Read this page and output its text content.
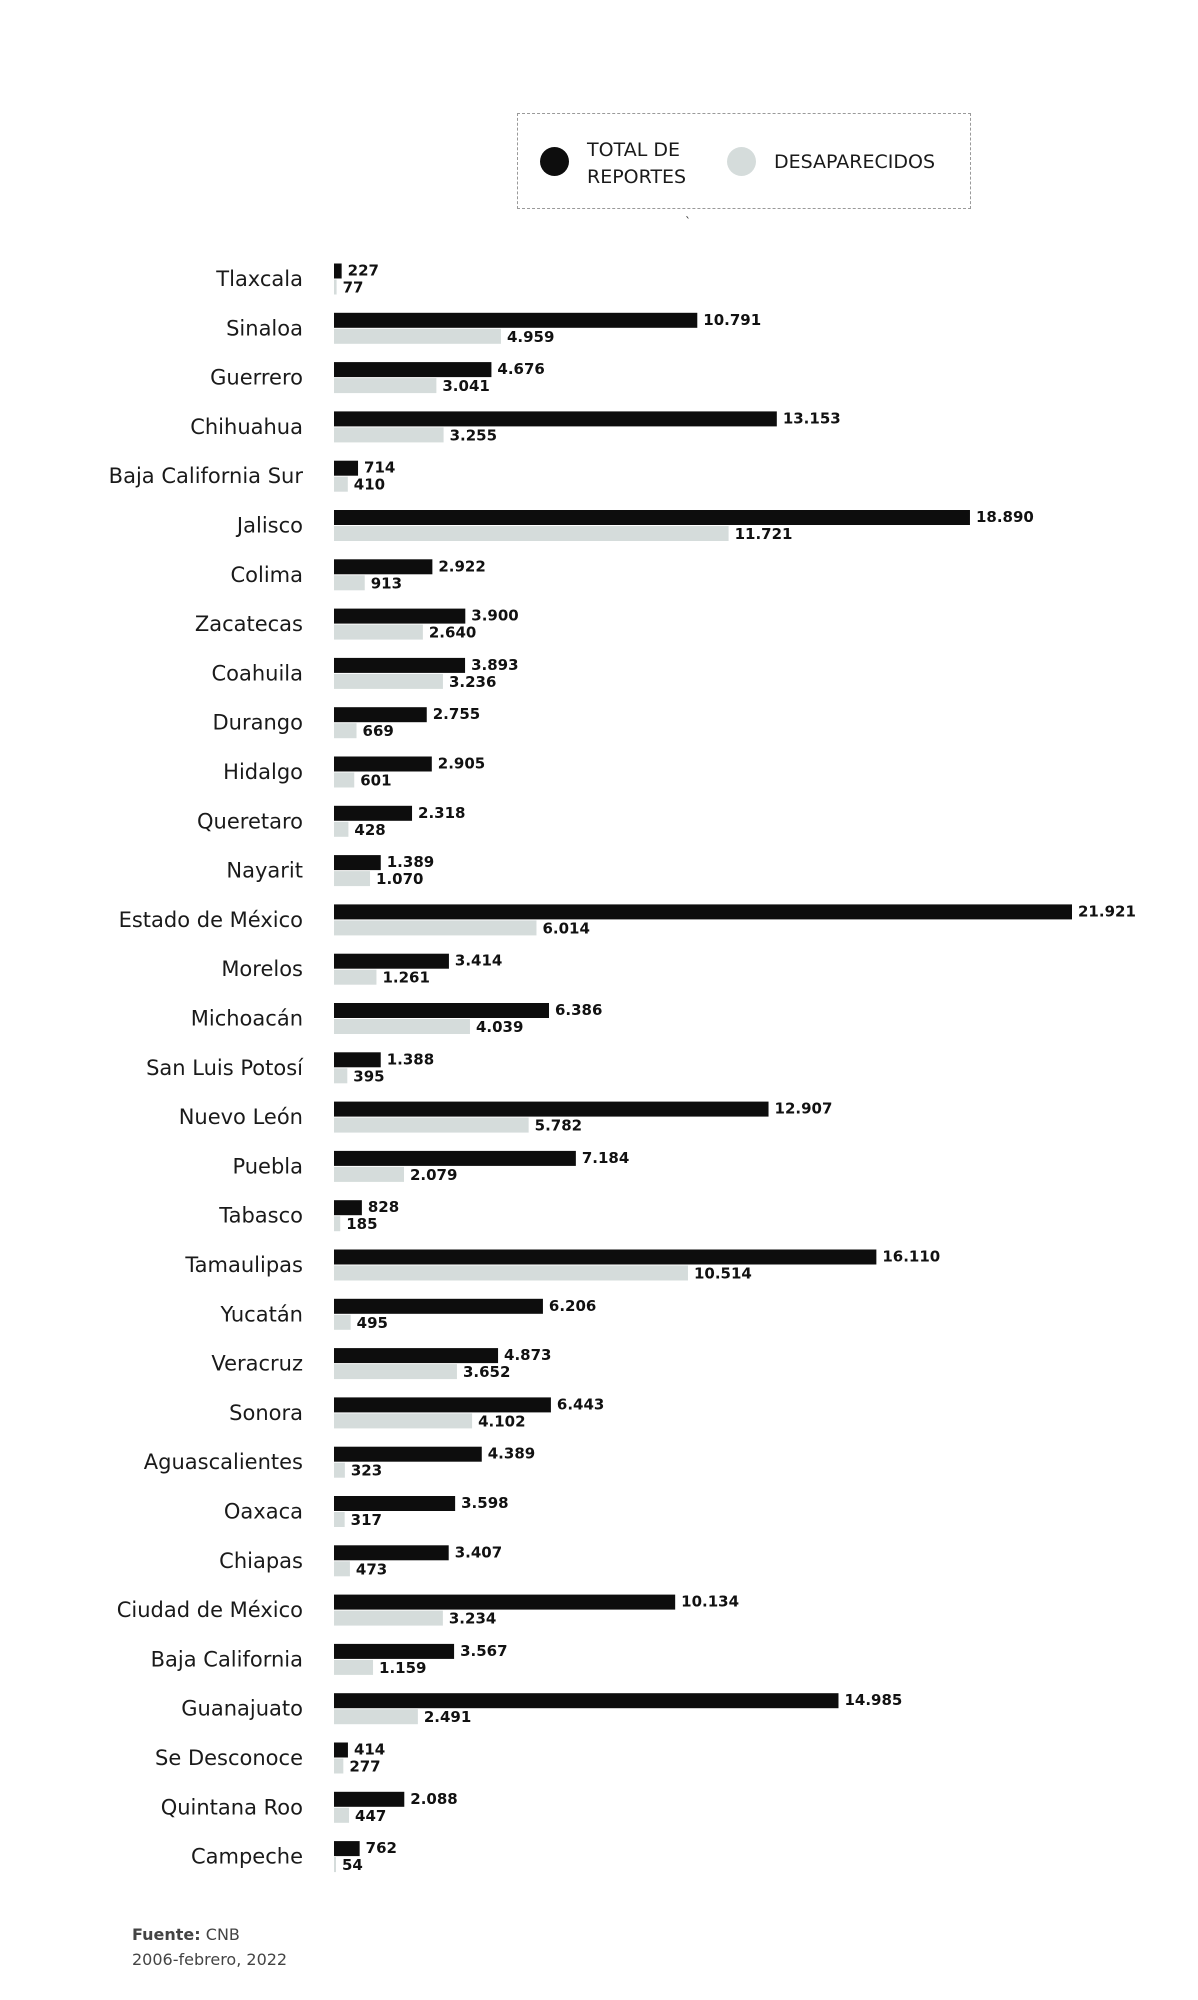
TOTAL DE
REPORTES
DESAPARECIDOS
`
Tlaxcala	227
77
Sinaloa	10.791
4.959
Guerrero	4.676
3.041
Chihuahua	13.153
3.255
Baja California Sur	714
410
Jalisco	18.890
11.721
Colima	2.922
913
Zacatecas	3.900
2.640
Coahuila	3.893
3.236
Durango	2.755
669
Hidalgo	2.905
601
Queretaro	2.318
428
Nayarit	1.389
1.070
Estado de México	21.921
6.014
Morelos	3.414
1.261
Michoacán	6.386
4.039
San Luis Potosí	1.388
395
Nuevo León	12.907
5.782
Puebla	7.184
2.079
Tabasco	828
185
Tamaulipas	16.110
10.514
Yucatán	6.206
495
Veracruz	4.873
3.652
Sonora	6.443
4.102
Aguascalientes	4.389
323
Oaxaca	3.598
317
Chiapas	3.407
473
Ciudad de México	10.134
3.234
Baja California	3.567
1.159
Guanajuato	14.985
2.491
Se Desconoce	414
277
Quintana Roo	2.088
447
Campeche	762
54
Fuente: CNB
2006-febrero, 2022
